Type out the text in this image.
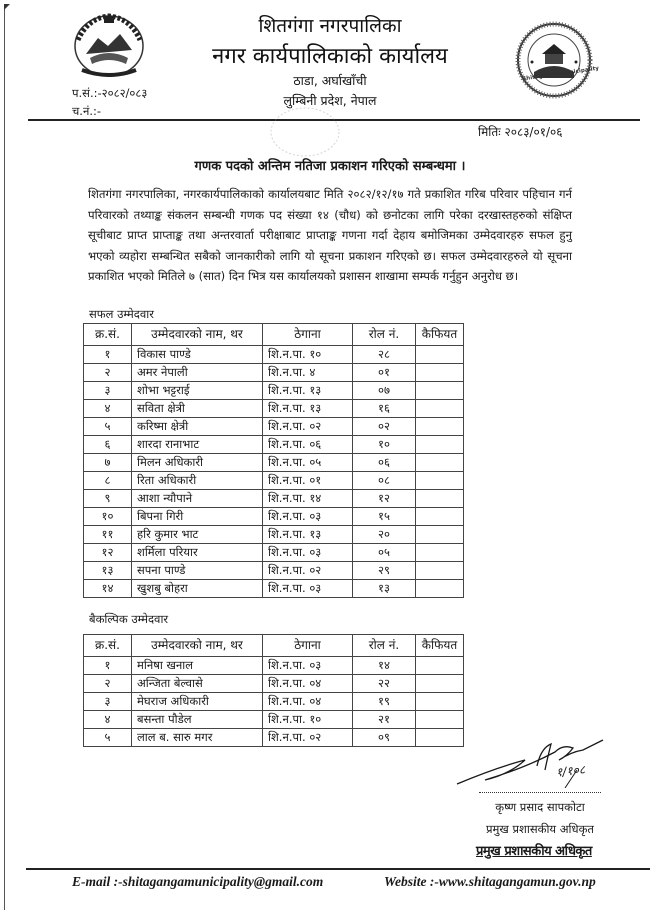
Shitaganga Municipality
शितगंगा नगरपालिका
नगर कार्यपालिकाको कार्यालय
ठाडा, अर्घाखाँची
लुम्बिनी प्रदेश, नेपाल
प.सं.:-२०८२/०८३
च.नं.:-
मितिः २०८३/०१/०६
गणक पदको अन्तिम नतिजा प्रकाशन गरिएको सम्बन्धमा ।
शितगंगा नगरपालिका, नगरकार्यपालिकाको कार्यालयबाट मिति २०८२/१२/१७ गते प्रकाशित गरिब परिवार पहिचान गर्न परिवारको तथ्याङ्क संकलन सम्बन्धी गणक पद संख्या १४ (चौध) को छनोटका लागि परेका दरखास्तहरुको संक्षिप्त सूचीबाट प्राप्त प्राप्ताङ्क तथा अन्तरवार्ता परीक्षाबाट प्राप्ताङ्क गणना गर्दा देहाय बमोजिमका उम्मेदवारहरु सफल हुनु भएको व्यहोरा सम्बन्धित सबैको जानकारीको लागि यो सूचना प्रकाशन गरिएको छ। सफल उम्मेदवारहरुले यो सूचना प्रकाशित भएको मितिले ७ (सात) दिन भित्र यस कार्यालयको प्रशासन शाखामा सम्पर्क गर्नुहुन अनुरोध छ।
सफल उम्मेदवार
क्र.सं.	उम्मेदवारको नाम, थर	ठेगाना	रोल नं.	कैफियत
१	विकास पाण्डे	शि.न.पा. १०	२८	
२	अमर नेपाली	शि.न.पा. ४	०१	
३	शोभा भट्टराई	शि.न.पा. १३	०७	
४	सविता क्षेत्री	शि.न.पा. १३	१६	
५	करिष्मा क्षेत्री	शि.न.पा. ०२	०२	
६	शारदा रानाभाट	शि.न.पा. ०६	१०	
७	मिलन अधिकारी	शि.न.पा. ०५	०६	
८	रिता अधिकारी	शि.न.पा. ०१	०८	
९	आशा न्यौपाने	शि.न.पा. १४	१२	
१०	बिपना गिरी	शि.न.पा. ०३	१५	
११	हरि कुमार भाट	शि.न.पा. १३	२०	
१२	शर्मिला परियार	शि.न.पा. ०३	०५	
१३	सपना पाण्डे	शि.न.पा. ०२	२९	
१४	खुशबु बोहरा	शि.न.पा. ०३	१३	
बैकल्पिक उम्मेदवार
क्र.सं.	उम्मेदवारको नाम, थर	ठेगाना	रोल नं.	कैफियत
१	मनिषा खनाल	शि.न.पा. ०३	१४	
२	अन्जिता बेल्वासे	शि.न.पा. ०४	२२	
३	मेघराज अधिकारी	शि.न.पा. ०४	१९	
४	बसन्ता पौडेल	शि.न.पा. १०	२१	
५	लाल ब. सारु मगर	शि.न.पा. ०२	०९	
१/१०८
कृष्ण प्रसाद सापकोटा
प्रमुख प्रशासकीय अधिकृत
प्रमुख प्रशासकीय अधिकृत
E-mail :-shitagangamunicipality@gmail.com	Website :-www.shitagangamun.gov.np
